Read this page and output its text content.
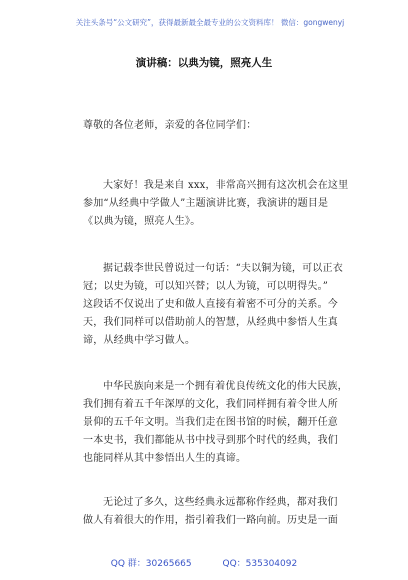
关注头条号“公文研究”，获得最新最全最专业的公文资料库！ 微信：gongwenyj
演讲稿：以典为镜，照亮人生
尊敬的各位老师，亲爱的各位同学们：
大家好！我是来自 xxx，非常高兴拥有这次机会在这里
参加“从经典中学做人”主题演讲比赛，我演讲的题目是
《以典为镜，照亮人生》。
据记载李世民曾说过一句话：“夫以铜为镜，可以正衣
冠；以史为镜，可以知兴替；以人为镜，可以明得失。”
这段话不仅说出了史和做人直接有着密不可分的关系。今
天，我们同样可以借助前人的智慧，从经典中参悟人生真
谛，从经典中学习做人。
中华民族向来是一个拥有着优良传统文化的伟大民族，
我们拥有着五千年深厚的文化，我们同样拥有着令世人所
景仰的五千年文明。当我们走在图书馆的时候，翻开任意
一本史书，我们都能从书中找寻到那个时代的经典，我们
也能同样从其中参悟出人生的真谛。
无论过了多久，这些经典永远都称作经典，都对我们
做人有着很大的作用，指引着我们一路向前。历史是一面
QQ 群：30265665	QQ：535304092
